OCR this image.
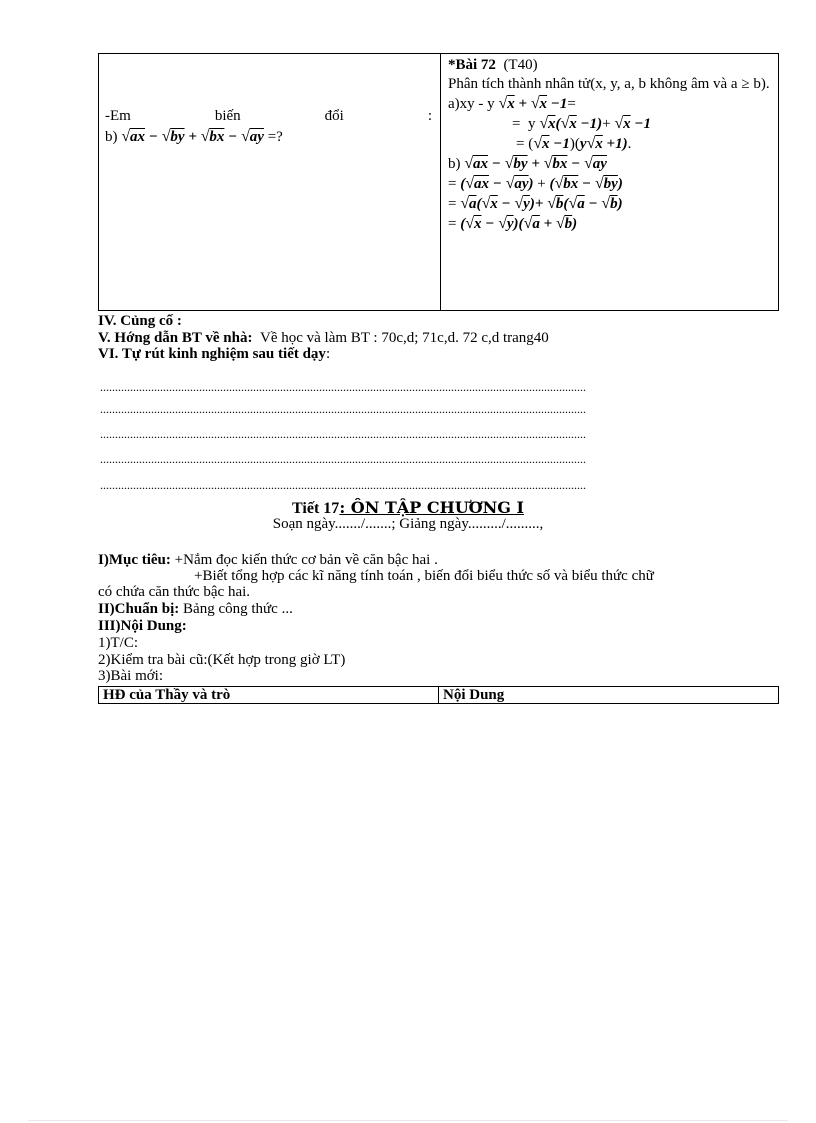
-Em	biến	đổi	:
b) √ax − √by + √bx − √ay =?

*Bài 72 (T40)
Phân tích thành nhân tử(x, y, a, b không âm và a ≥ b).
a)xy - y √x + √x −1=
=  y √x(√x −1)+ √x −1
= (√x −1)(y√x +1).
b) √ax − √by + √bx − √ay
= (√ax − √ay) + (√bx − √by)
= √a(√x − √y)+ √b(√a − √b)
= (√x − √y)(√a + √b)
IV. Củng cố :
V. Hớng dẫn BT về nhà: Về học và làm BT : 70c,d; 71c,d. 72 c,d trang40
VI. Tự rút kinh nghiệm sau tiết dạy:
..................................................................................................................................................................
..................................................................................................................................................................
..................................................................................................................................................................
..................................................................................................................................................................
..................................................................................................................................................................
Tiết 17: ÔN TẬP CHƯƠNG I
Soạn ngày......./.......; Giảng ngày........./.........,
I)Mục tiêu: +Nắm đọc kiến thức cơ bản về căn bậc hai .
+Biết tổng hợp các kĩ năng tính toán , biến đổi biểu thức số và biểu thức chữ
có chứa căn thức bậc hai.
II)Chuẩn bị: Bảng công thức ...
III)Nội Dung:
1)T/C:
2)Kiểm tra bài cũ:(Kết hợp trong giờ LT)
3)Bài mới:
HĐ của Thầy và trò	Nội Dung
